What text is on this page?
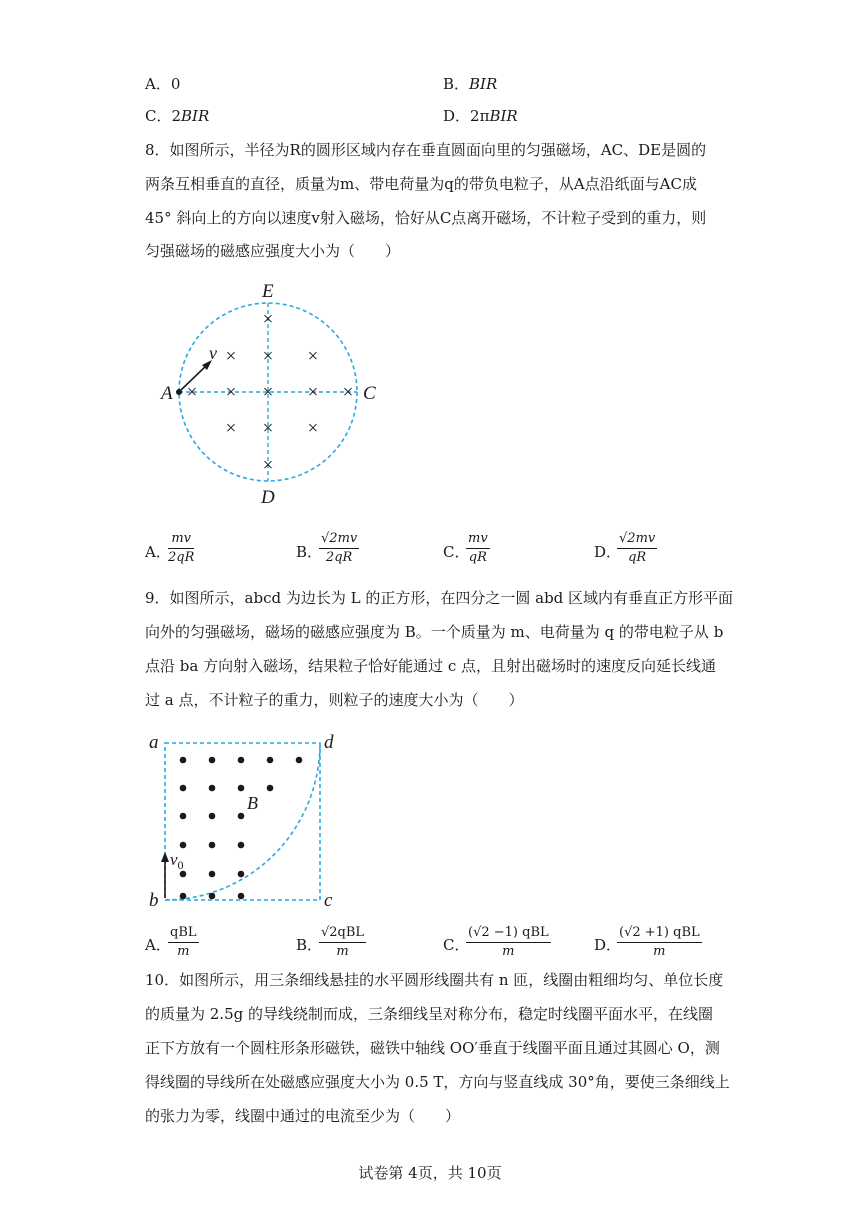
A．0	B．BIR
C．2BIR	D．2πBIR
8．如图所示，半径为R的圆形区域内存在垂直圆面向里的匀强磁场，AC、DE是圆的
两条互相垂直的直径，质量为m、带电荷量为q的带负电粒子，从A点沿纸面与AC成
45° 斜向上的方向以速度v射入磁场，恰好从C点离开磁场，不计粒子受到的重力，则
匀强磁场的磁感应强度大小为（　　）
×
× × ×
× × × × ×
× × ×
×
v
A	C
E
D
A．
$\frac{mv}{2qR}$	B．
$\frac{√2mv}{2qR}$	C．
$\frac{mv}{qR}$	D．
$\frac{√2mv}{qR}$
9．如图所示，abcd 为边长为 L 的正方形，在四分之一圆 abd 区域内有垂直正方形平面
向外的匀强磁场，磁场的磁感应强度为 B。一个质量为 m、电荷量为 q 的带电粒子从 b
点沿 ba 方向射入磁场，结果粒子恰好能通过 c 点，且射出磁场时的速度反向延长线通
过 a 点，不计粒子的重力，则粒子的速度大小为（　　）
$v_0$
B
a	d
b	c
A．
qBL
m	B．
√2qBL
m	C．
(√2 −1) qBL
m	D．
(√2 +1) qBL
m
10．如图所示，用三条细线悬挂的水平圆形线圈共有 n 匝，线圈由粗细均匀、单位长度
的质量为 2.5g 的导线绕制而成，三条细线呈对称分布，稳定时线圈平面水平，在线圈
正下方放有一个圆柱形条形磁铁，磁铁中轴线 OO′垂直于线圈平面且通过其圆心 O，测
得线圈的导线所在处磁感应强度大小为 0.5 T，方向与竖直线成 30°角，要使三条细线上
的张力为零，线圈中通过的电流至少为（　　）
试卷第 4页，共 10页
